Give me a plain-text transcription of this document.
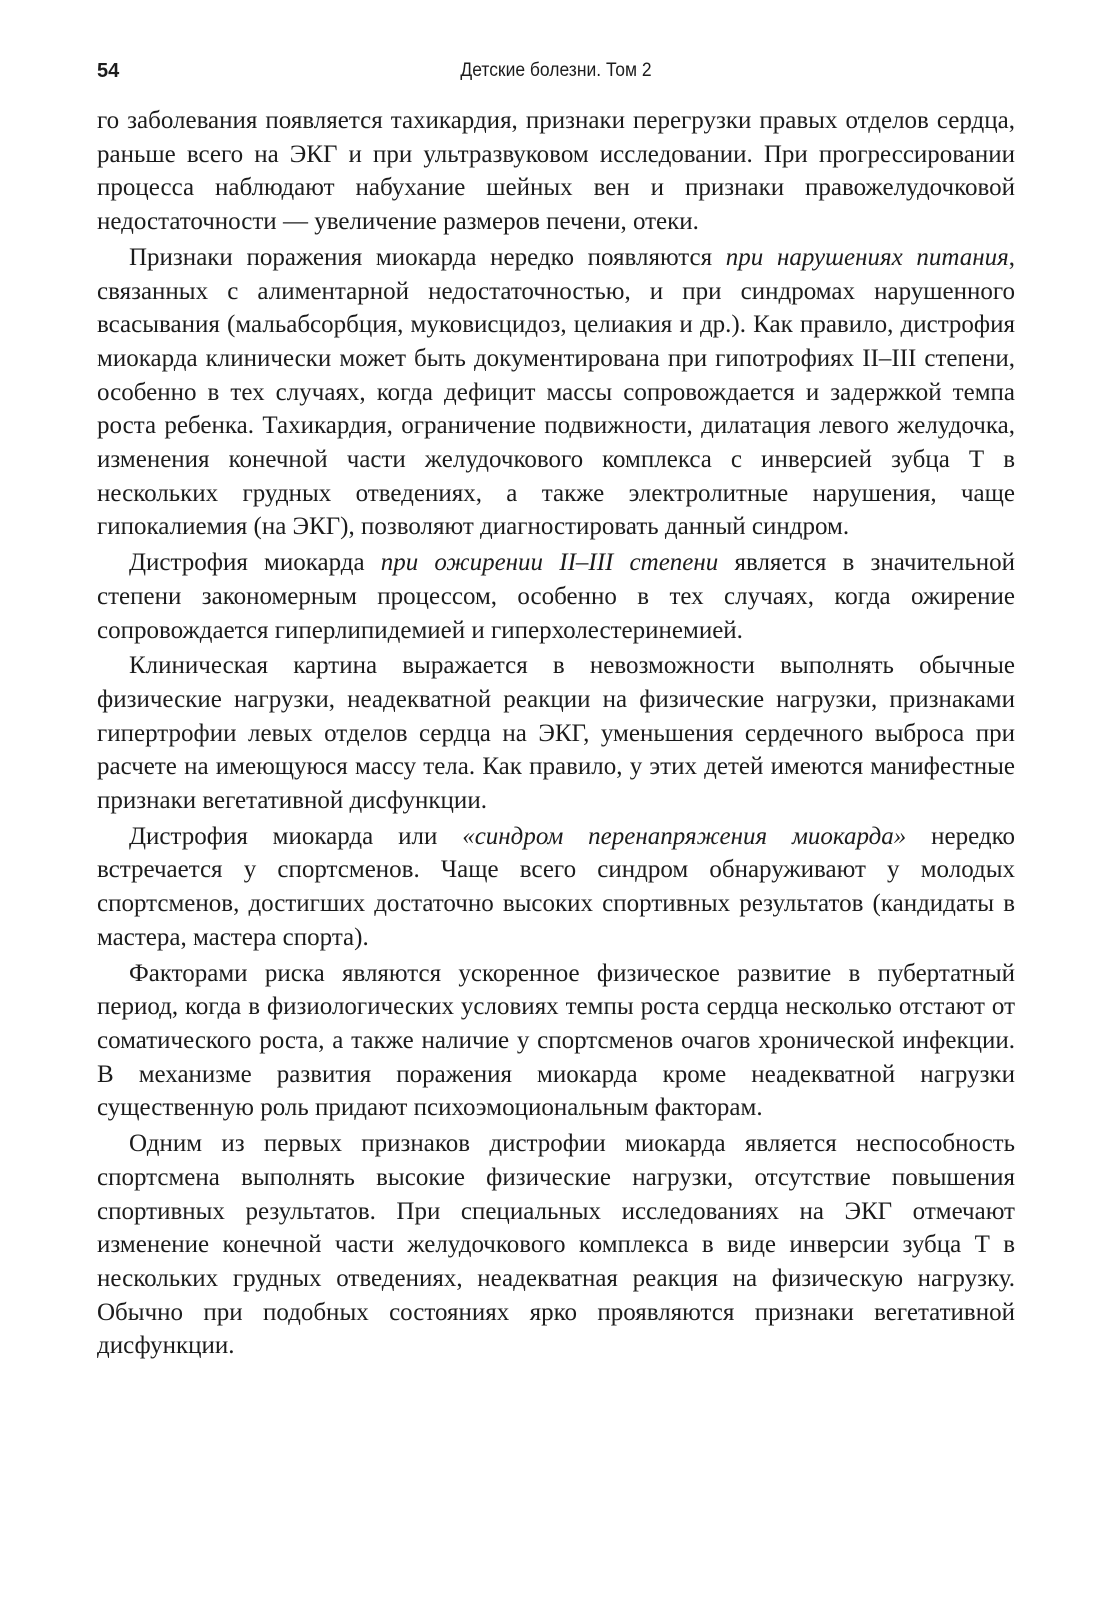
54	Детские болезни. Том 2

го заболевания появляется тахикардия, признаки перегрузки правых отделов сердца, раньше всего на ЭКГ и при ультразвуковом исследовании. При прогрессировании процесса наблюдают набухание шейных вен и признаки правожелудочковой недостаточности — увеличение размеров печени, отеки.

Признаки поражения миокарда нередко появляются при нарушениях питания, связанных с алиментарной недостаточностью, и при синдромах нарушенного всасывания (мальабсорбция, муковисцидоз, целиакия и др.). Как правило, дистрофия миокарда клинически может быть документирована при гипотрофиях II–III степени, особенно в тех случаях, когда дефицит массы сопровождается и задержкой темпа роста ребенка. Тахикардия, ограничение подвижности, дилатация левого желудочка, изменения конечной части желудочкового комплекса с инверсией зубца Т в нескольких грудных отведениях, а также электролитные нарушения, чаще гипокалиемия (на ЭКГ), позволяют диагностировать данный синдром.

Дистрофия миокарда при ожирении II–III степени является в значительной степени закономерным процессом, особенно в тех случаях, когда ожирение сопровождается гиперлипидемией и гиперхолестеринемией.

Клиническая картина выражается в невозможности выполнять обычные физические нагрузки, неадекватной реакции на физические нагрузки, признаками гипертрофии левых отделов сердца на ЭКГ, уменьшения сердечного выброса при расчете на имеющуюся массу тела. Как правило, у этих детей имеются манифестные признаки вегетативной дисфункции.

Дистрофия миокарда или «синдром перенапряжения миокарда» нередко встречается у спортсменов. Чаще всего синдром обнаруживают у молодых спортсменов, достигших достаточно высоких спортивных результатов (кандидаты в мастера, мастера спорта).

Факторами риска являются ускоренное физическое развитие в пубертатный период, когда в физиологических условиях темпы роста сердца несколько отстают от соматического роста, а также наличие у спортсменов очагов хронической инфекции. В механизме развития поражения миокарда кроме неадекватной нагрузки существенную роль придают психоэмоциональным факторам.

Одним из первых признаков дистрофии миокарда является неспособность спортсмена выполнять высокие физические нагрузки, отсутствие повышения спортивных результатов. При специальных исследованиях на ЭКГ отмечают изменение конечной части желудочкового комплекса в виде инверсии зубца Т в нескольких грудных отведениях, неадекватная реакция на физическую нагрузку. Обычно при подобных состояниях ярко проявляются признаки вегетативной дисфункции.
